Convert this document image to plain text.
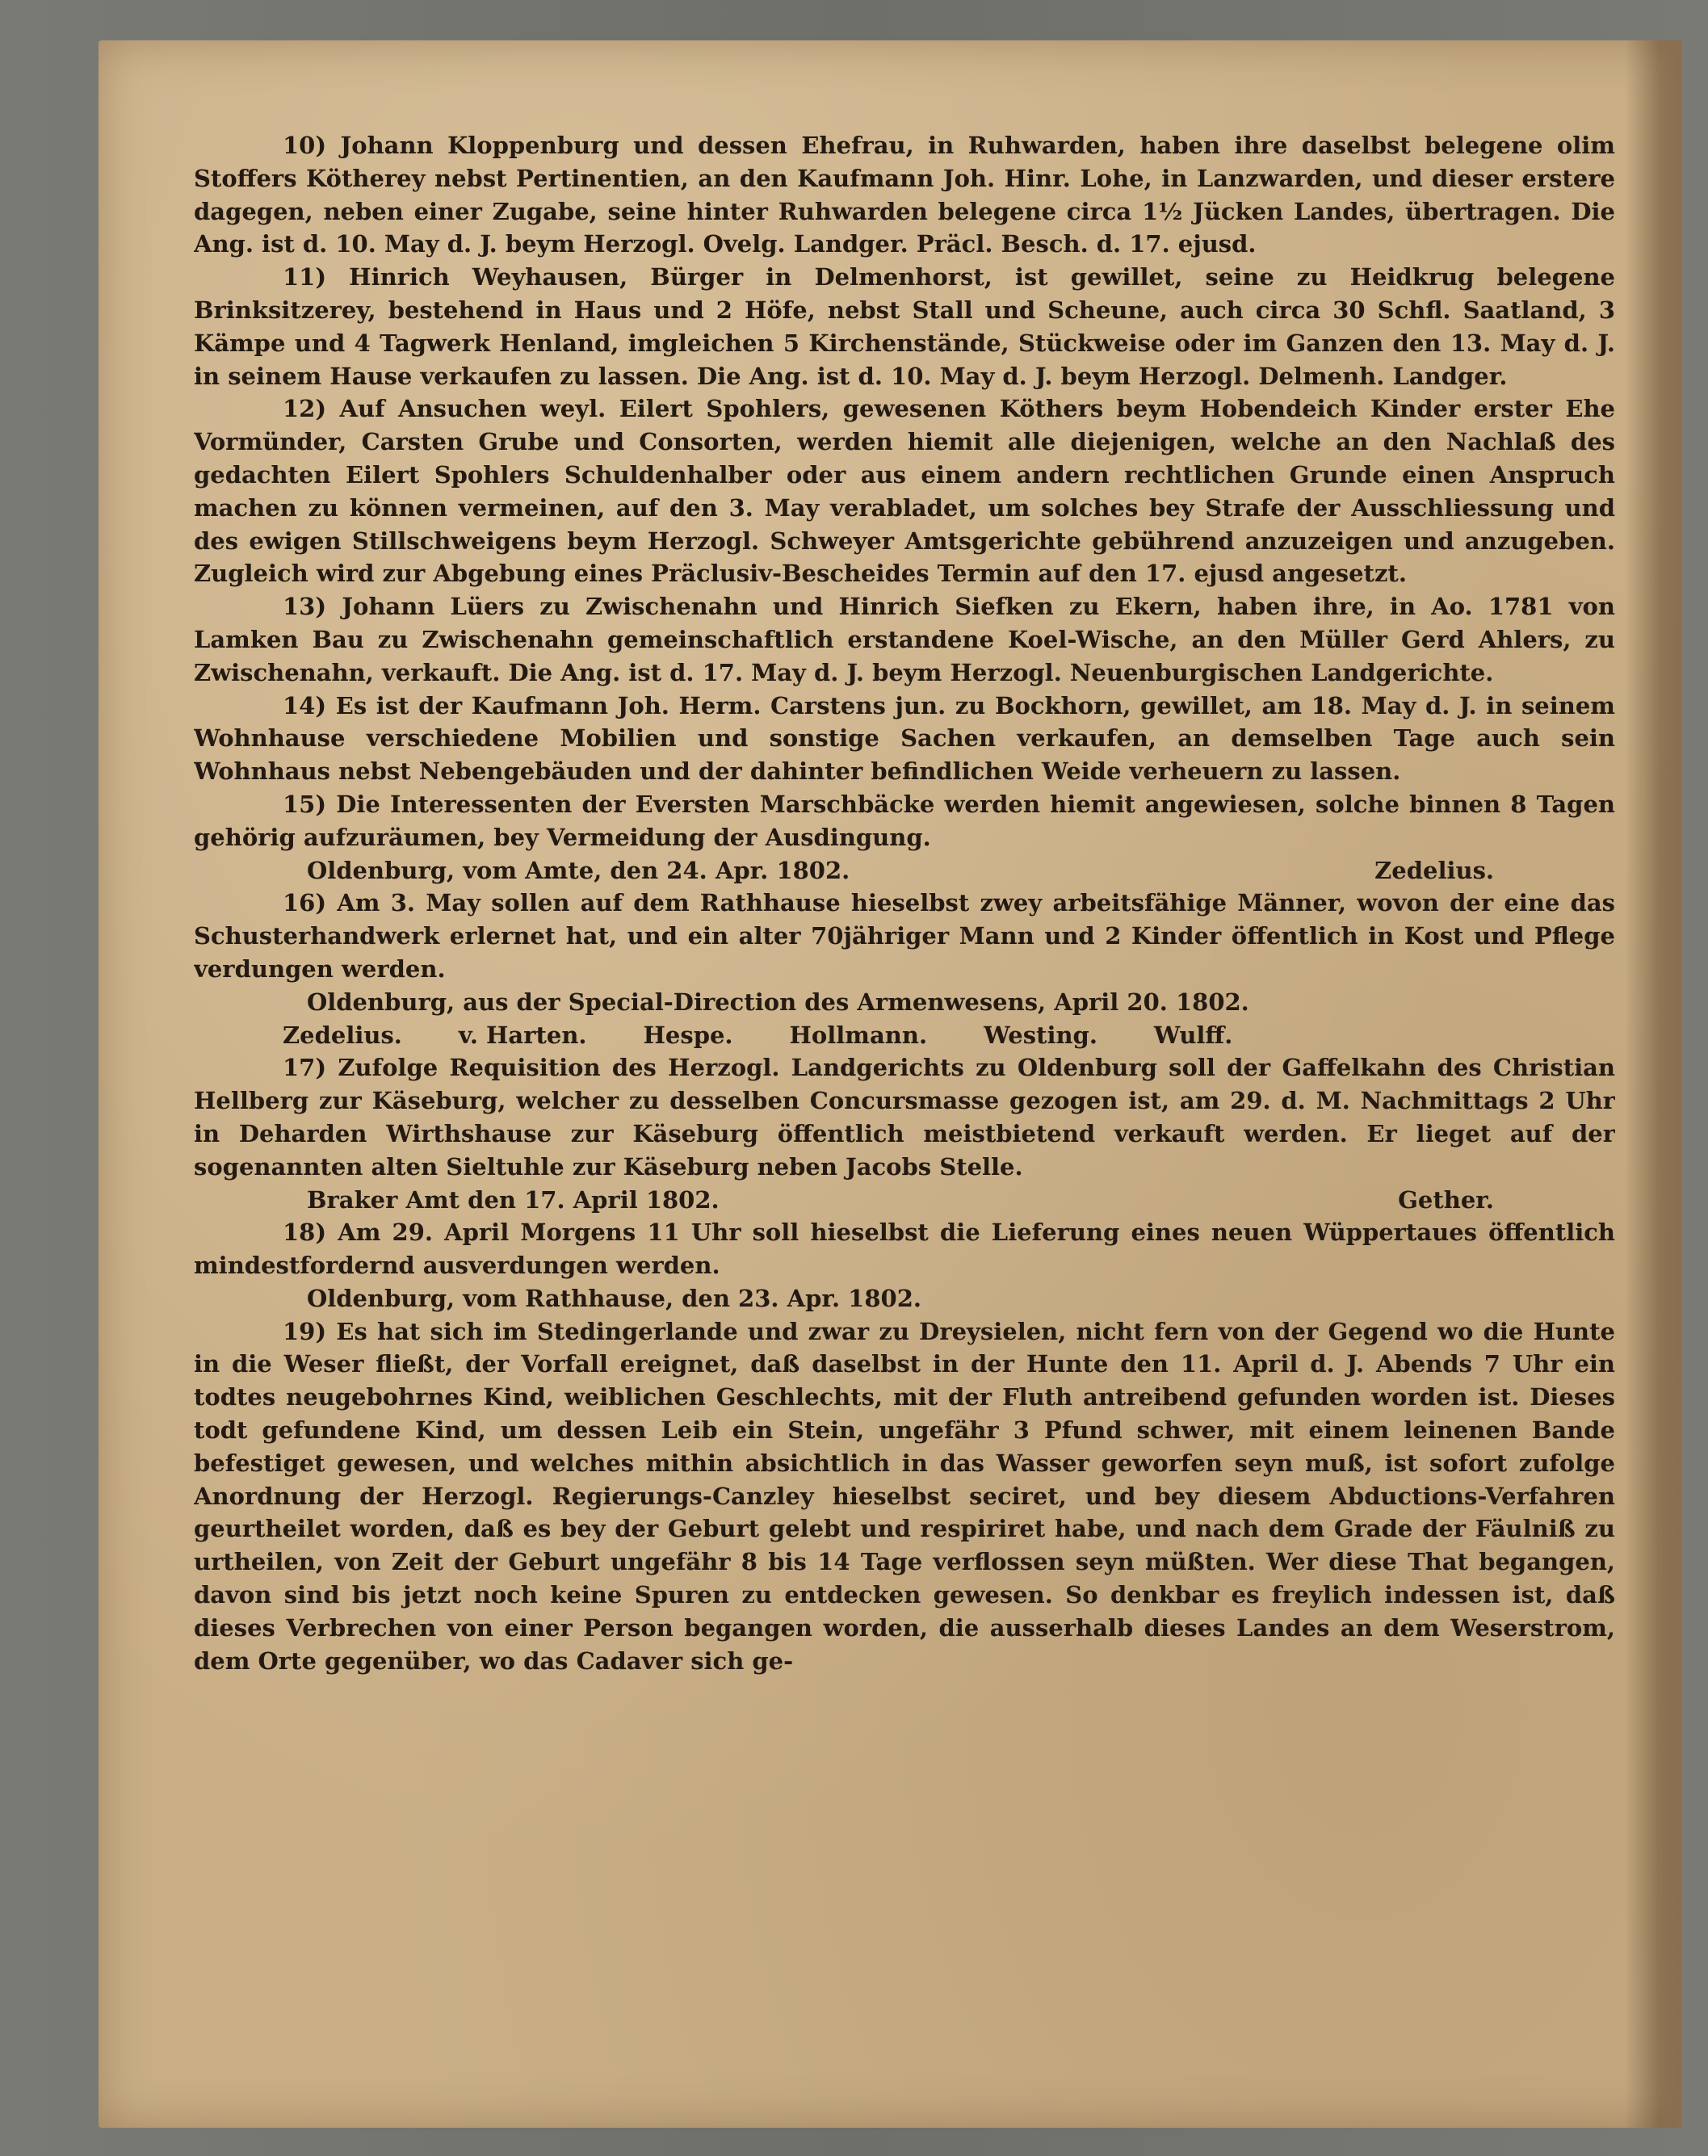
10) Johann Kloppenburg und dessen Ehefrau, in Ruhwarden, haben ihre daselbst belegene olim Stoffers Kötherey nebst Pertinentien, an den Kaufmann Joh. Hinr. Lohe, in Lanzwarden, und dieser erstere dagegen, neben einer Zugabe, seine hinter Ruhwarden belegene circa 1½ Jücken Landes, übertragen. Die Ang. ist d. 10. May d. J. beym Herzogl. Ovelg. Landger. Präcl. Besch. d. 17. ejusd.

11) Hinrich Weyhausen, Bürger in Delmenhorst, ist gewillet, seine zu Heidkrug belegene Brinksitzerey, bestehend in Haus und 2 Höfe, nebst Stall und Scheune, auch circa 30 Schfl. Saatland, 3 Kämpe und 4 Tagwerk Henland, imgleichen 5 Kirchenstände, Stückweise oder im Ganzen den 13. May d. J. in seinem Hause verkaufen zu lassen. Die Ang. ist d. 10. May d. J. beym Herzogl. Delmenh. Landger.

12) Auf Ansuchen weyl. Eilert Spohlers, gewesenen Köthers beym Hobendeich Kinder erster Ehe Vormünder, Carsten Grube und Consorten, werden hiemit alle diejenigen, welche an den Nachlaß des gedachten Eilert Spohlers Schuldenhalber oder aus einem andern rechtlichen Grunde einen Anspruch machen zu können vermeinen, auf den 3. May verabladet, um solches bey Strafe der Ausschliessung und des ewigen Stillschweigens beym Herzogl. Schweyer Amtsgerichte gebührend anzuzeigen und anzugeben. Zugleich wird zur Abgebung eines Präclusiv-Bescheides Termin auf den 17. ejusd angesetzt.

13) Johann Lüers zu Zwischenahn und Hinrich Siefken zu Ekern, haben ihre, in Ao. 1781 von Lamken Bau zu Zwischenahn gemeinschaftlich erstandene Koel-Wische, an den Müller Gerd Ahlers, zu Zwischenahn, verkauft. Die Ang. ist d. 17. May d. J. beym Herzogl. Neuenburgischen Landgerichte.

14) Es ist der Kaufmann Joh. Herm. Carstens jun. zu Bockhorn, gewillet, am 18. May d. J. in seinem Wohnhause verschiedene Mobilien und sonstige Sachen verkaufen, an demselben Tage auch sein Wohnhaus nebst Nebengebäuden und der dahinter befindlichen Weide verheuern zu lassen.

15) Die Interessenten der Eversten Marschbäcke werden hiemit angewiesen, solche binnen 8 Tagen gehörig aufzuräumen, bey Vermeidung der Ausdingung.

Oldenburg, vom Amte, den 24. Apr. 1802.	Zedelius.

16) Am 3. May sollen auf dem Rathhause hieselbst zwey arbeitsfähige Männer, wovon der eine das Schusterhandwerk erlernet hat, und ein alter 70jähriger Mann und 2 Kinder öffentlich in Kost und Pflege verdungen werden.

Oldenburg, aus der Special-Direction des Armenwesens, April 20. 1802.

Zedelius. v. Harten. Hespe. Hollmann. Westing. Wulff.

17) Zufolge Requisition des Herzogl. Landgerichts zu Oldenburg soll der Gaffelkahn des Christian Hellberg zur Käseburg, welcher zu desselben Concursmasse gezogen ist, am 29. d. M. Nachmittags 2 Uhr in Deharden Wirthshause zur Käseburg öffentlich meistbietend verkauft werden. Er lieget auf der sogenannten alten Sieltuhle zur Käseburg neben Jacobs Stelle.

Braker Amt den 17. April 1802.	Gether.

18) Am 29. April Morgens 11 Uhr soll hieselbst die Lieferung eines neuen Wüppertaues öffentlich mindestfordernd ausverdungen werden.

Oldenburg, vom Rathhause, den 23. Apr. 1802.

19) Es hat sich im Stedingerlande und zwar zu Dreysielen, nicht fern von der Gegend wo die Hunte in die Weser fließt, der Vorfall ereignet, daß daselbst in der Hunte den 11. April d. J. Abends 7 Uhr ein todtes neugebohrnes Kind, weiblichen Geschlechts, mit der Fluth antreibend gefunden worden ist. Dieses todt gefundene Kind, um dessen Leib ein Stein, ungefähr 3 Pfund schwer, mit einem leinenen Bande befestiget gewesen, und welches mithin absichtlich in das Wasser geworfen seyn muß, ist sofort zufolge Anordnung der Herzogl. Regierungs-Canzley hieselbst seciret, und bey diesem Abductions-Verfahren geurtheilet worden, daß es bey der Geburt gelebt und respiriret habe, und nach dem Grade der Fäulniß zu urtheilen, von Zeit der Geburt ungefähr 8 bis 14 Tage verflossen seyn müßten. Wer diese That begangen, davon sind bis jetzt noch keine Spuren zu entdecken gewesen. So denkbar es freylich indessen ist, daß dieses Verbrechen von einer Person begangen worden, die ausserhalb dieses Landes an dem Weserstrom, dem Orte gegenüber, wo das Cadaver sich ge-
